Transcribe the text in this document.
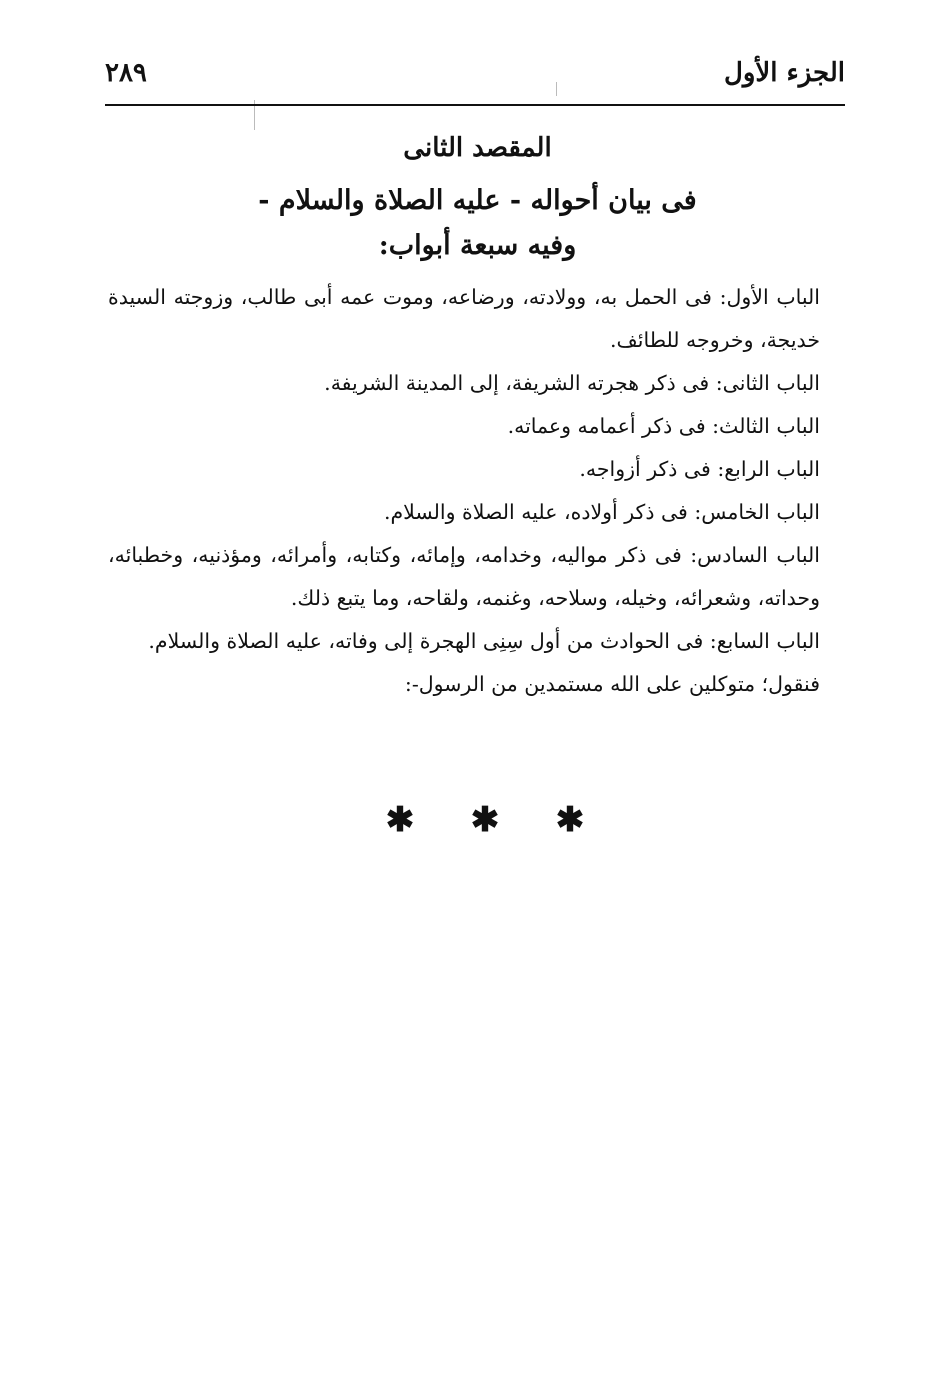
الجزء الأول
٢٨٩
المقصد الثانى
فى بيان أحواله - عليه الصلاة والسلام -
وفيه سبعة أبواب:

الباب الأول: فى الحمل به، وولادته، ورضاعه، وموت عمه أبى طالب، وزوجته السيدة خديجة، وخروجه للطائف.

الباب الثانى: فى ذكر هجرته الشريفة، إلى المدينة الشريفة.

الباب الثالث: فى ذكر أعمامه وعماته.

الباب الرابع: فى ذكر أزواجه.

الباب الخامس: فى ذكر أولاده، عليه الصلاة والسلام.

الباب السادس: فى ذكر مواليه، وخدامه، وإمائه، وكتابه، وأمرائه، ومؤذنيه، وخطبائه، وحداته، وشعرائه، وخيله، وسلاحه، وغنمه، ولقاحه، وما يتبع ذلك.

الباب السابع: فى الحوادث من أول سِنِى الهجرة إلى وفاته، عليه الصلاة والسلام.

فنقول؛ متوكلين على الله مستمدين من الرسول-:

✱ ✱ ✱
